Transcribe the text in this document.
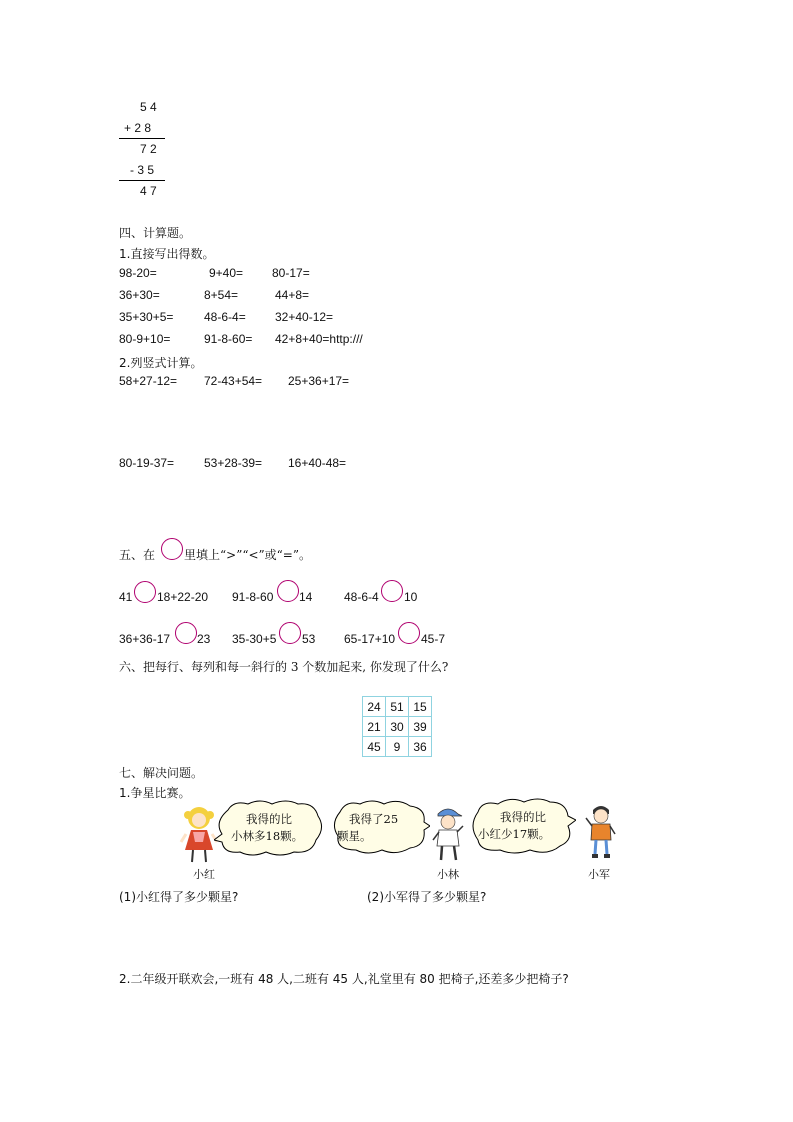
5 4
+ 2 8
7 2
- 3 5
4 7
四、计算题。
1.直接写出得数。
98-20=	9+40= 80-17=
36+30=	8+54=	44+8=
35+30+5=	48-6-4= 32+40-12=
80-9+10=	91-8-60= 42+8+40=http:///
2.列竖式计算。
58+27-12= 72-43+54= 25+36+17=
80-19-37= 53+28-39= 16+40-48=
五、在 里填上“>”“<”或“=”。
41 18+22-20 91-8-60 14	48-6-4 10
36+36-17 23 35-30+5 53 65-17+10 45-7
六、把每行、每列和每一斜行的 3 个数加起来, 你发现了什么?
24	51	15
21	30	39
45	9	36
七、解决问题。
1.争星比赛。
我得的比
小林多18颗。
我得了25
颗星。
我得的比
小红少17颗。
小红	小林	小军
(1)小红得了多少颗星?	(2)小军得了多少颗星?
2.二年级开联欢会,一班有 48 人,二班有 45 人,礼堂里有 80 把椅子,还差多少把椅子?
